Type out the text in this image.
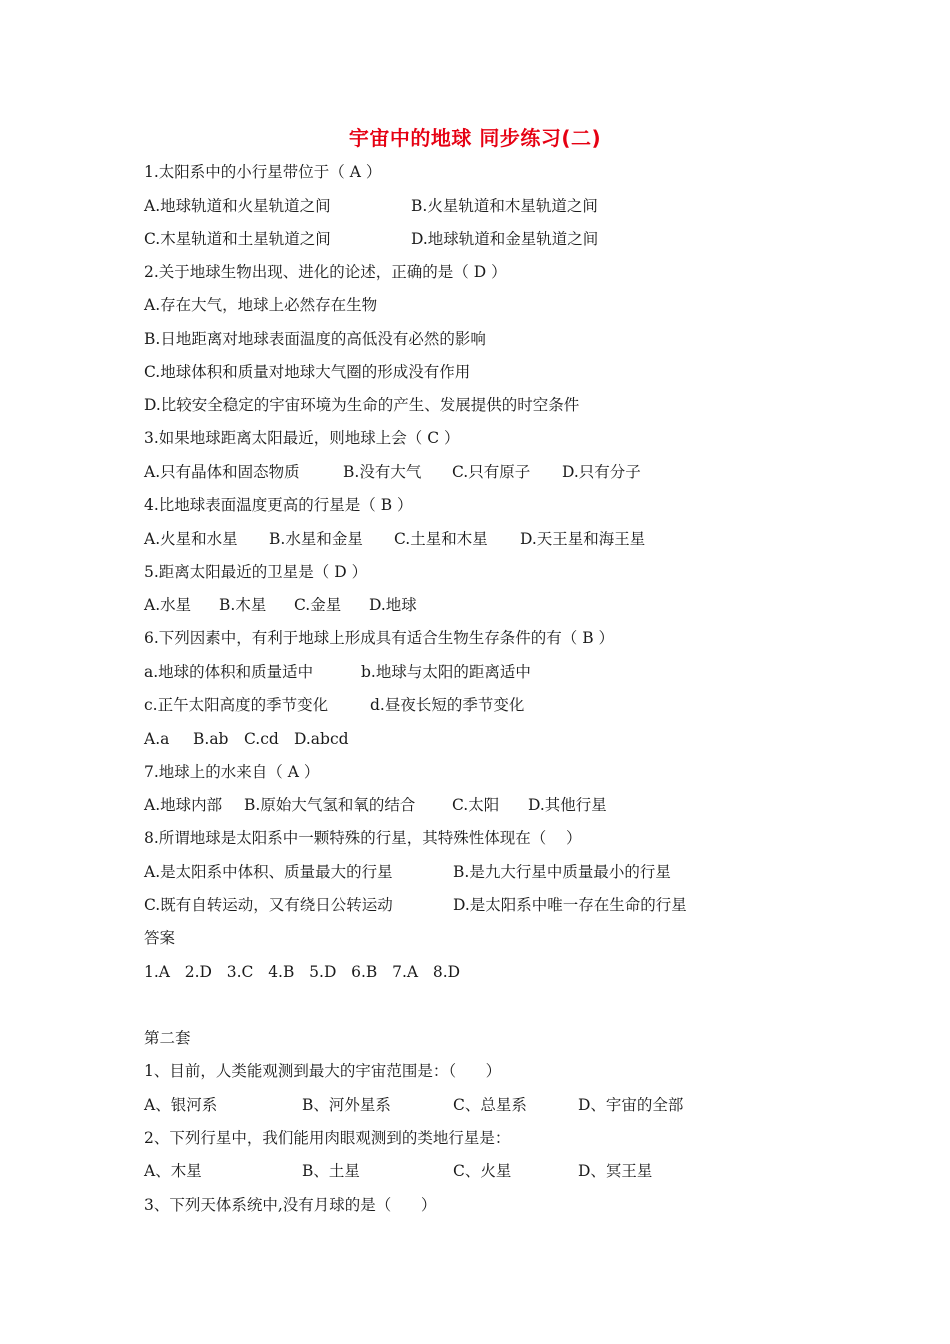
宇宙中的地球 同步练习(二)
1.太阳系中的小行星带位于（ A ）

A.地球轨道和火星轨道之间

	B.火星轨道和木星轨道之间

C.木星轨道和土星轨道之间

	D.地球轨道和金星轨道之间

2.关于地球生物出现、进化的论述，正确的是（ D ）
A.存在大气，地球上必然存在生物
B.日地距离对地球表面温度的高低没有必然的影响
C.地球体积和质量对地球大气圈的形成没有作用
D.比较安全稳定的宇宙环境为生命的产生、发展提供的时空条件
3.如果地球距离太阳最近，则地球上会（ C ）

A.只有晶体和固态物质

	B.没有大气

C.只有原子

D.只有分子

4.比地球表面温度更高的行星是（ B ）

A.火星和水星

B.水星和金星

C.土星和木星

D.天王星和海王星

5.距离太阳最近的卫星是（ D ）

A.水星

B.木星

C.金星

D.地球

6.下列因素中，有利于地球上形成具有适合生物生存条件的有（ B ）

a.地球的体积和质量适中

	b.地球与太阳的距离适中

c.正午太阳高度的季节变化

	d.昼夜长短的季节变化

A.a

B.ab

C.cd

D.abcd

7.地球上的水来自（ A ）

A.地球内部

B.原始大气氢和氧的结合

C.太阳

D.其他行星

8.所谓地球是太阳系中一颗特殊的行星，其特殊性体现在（    ）

A.是太阳系中体积、质量最大的行星

	B.是九大行星中质量最小的行星

C.既有自转运动，又有绕日公转运动

	D.是太阳系中唯一存在生命的行星

答案
1.A   2.D   3.C   4.B   5.D   6.B   7.A   8.D
第二套
1、目前，人类能观测到最大的宇宙范围是：（      ）

A、银河系

	B、河外星系

	C、总星系

	D、宇宙的全部

2、下列行星中，我们能用肉眼观测到的类地行星是：

A、木星

	B、土星

	C、火星

	D、冥王星

3、下列天体系统中,没有月球的是（      ）
